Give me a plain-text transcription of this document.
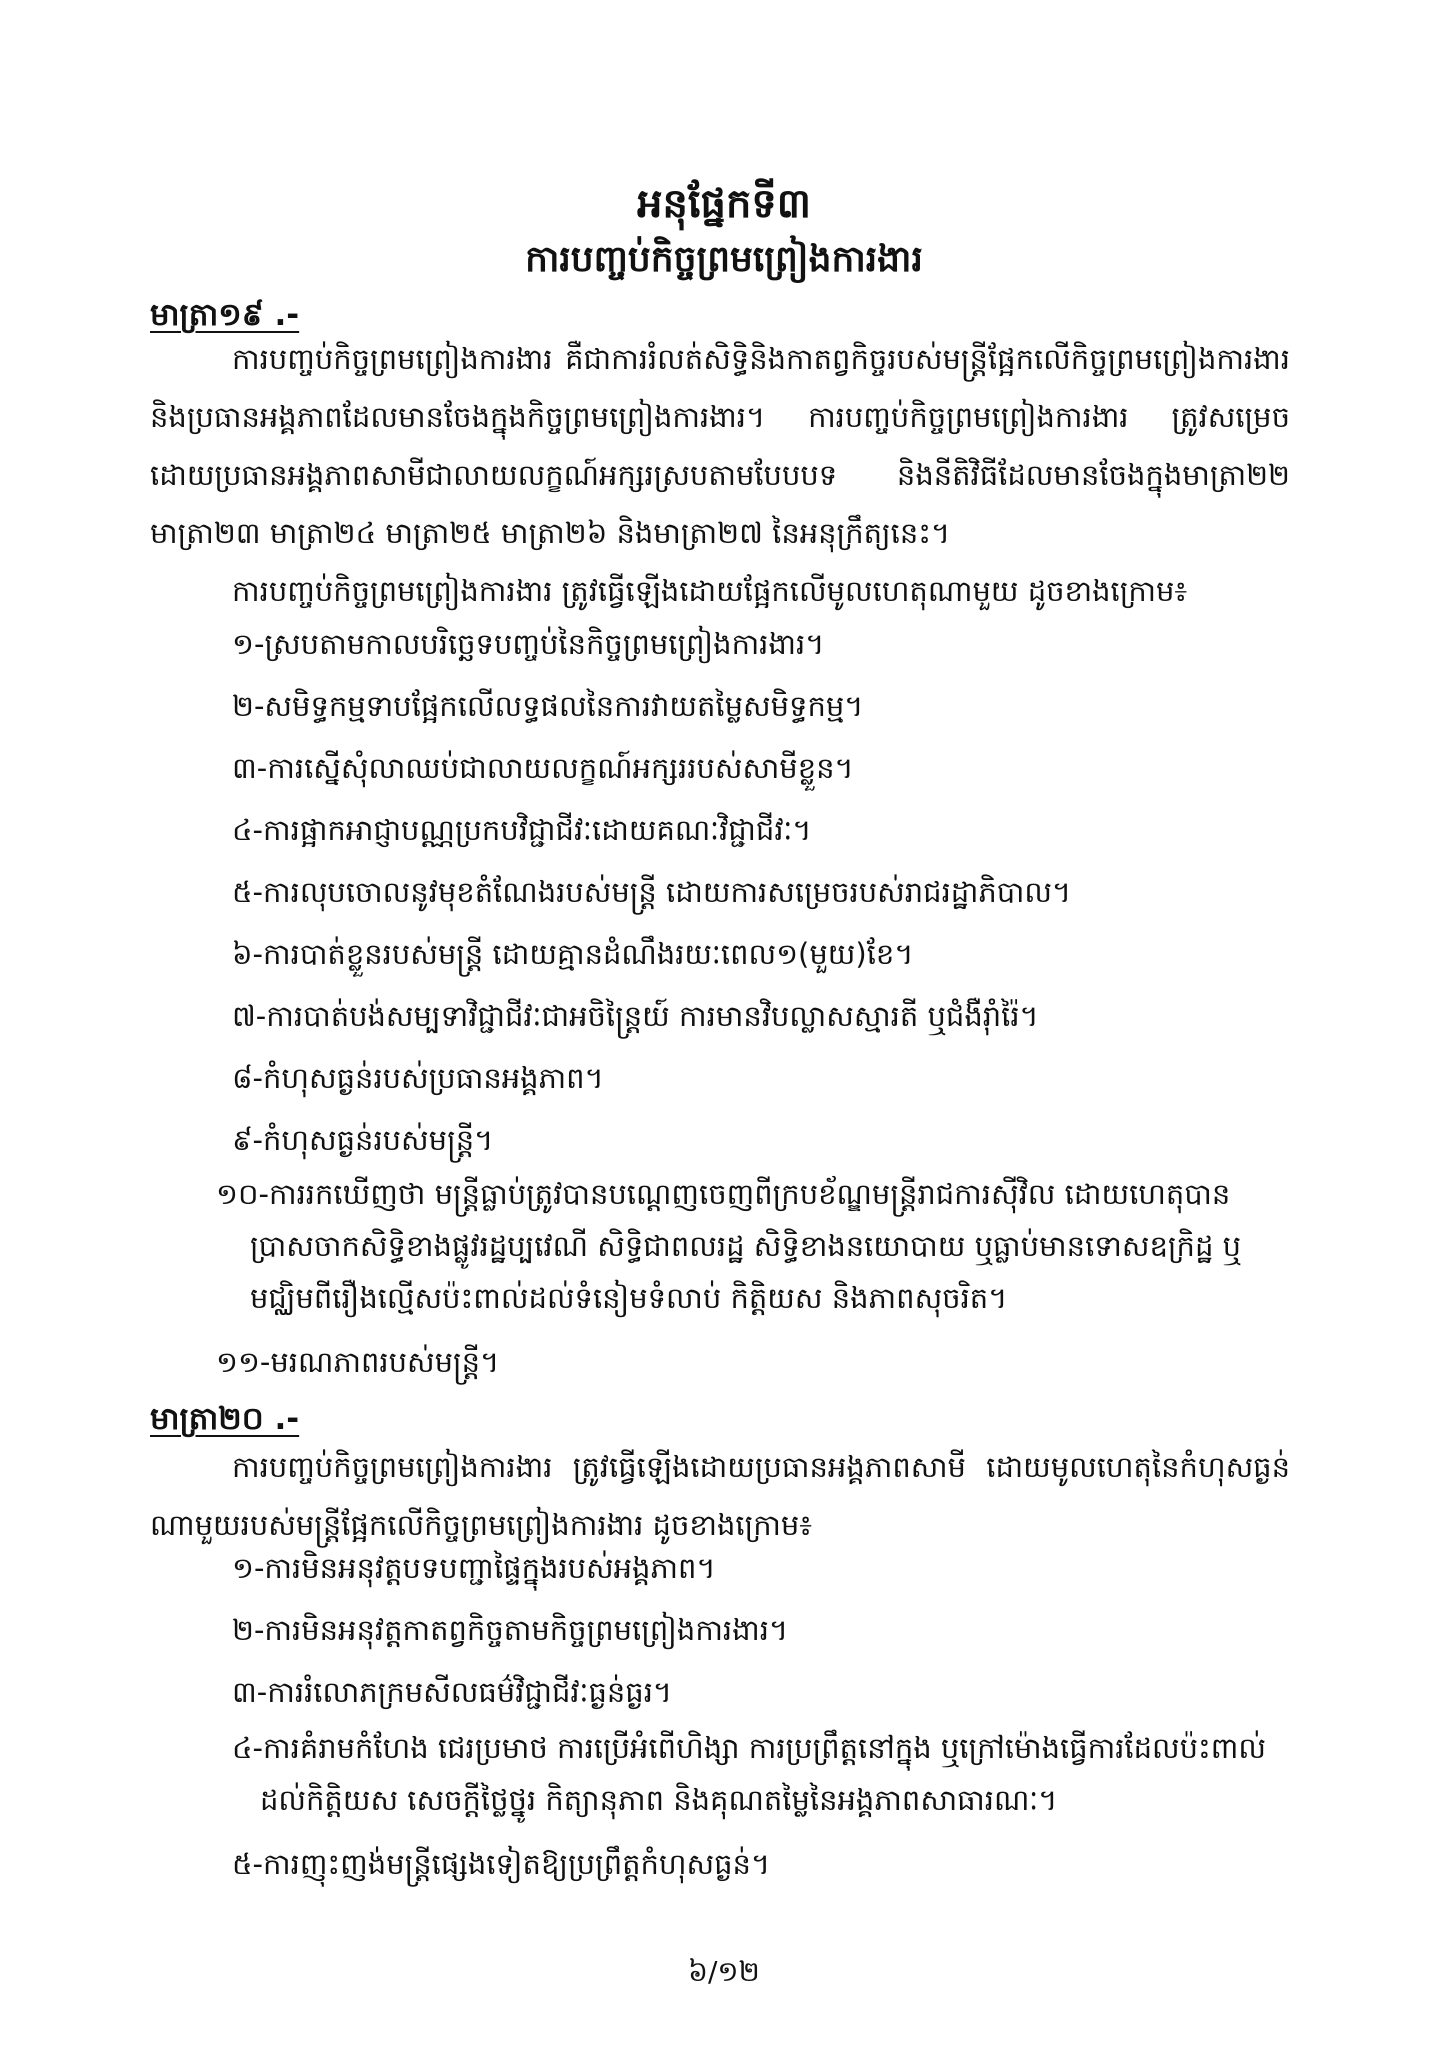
អនុផ្នែកទី៣
ការបញ្ចប់កិច្ចព្រមព្រៀងការងារ
មាត្រា១៩ .-
ការបញ្ចប់កិច្ចព្រមព្រៀងការងារ គឺជាការរំលត់សិទ្ធិនិងកាតព្វកិច្ចរបស់មន្ត្រីផ្អែកលើកិច្ចព្រមព្រៀងការងារ និងប្រធានអង្គភាពដែលមានចែងក្នុងកិច្ចព្រមព្រៀងការងារ។ ការបញ្ចប់កិច្ចព្រមព្រៀងការងារ ត្រូវសម្រេច ដោយប្រធានអង្គភាពសាមីជាលាយលក្ខណ៍អក្សរស្របតាមបែបបទ និងនីតិវិធីដែលមានចែងក្នុងមាត្រា២២ មាត្រា២៣ មាត្រា២៤ មាត្រា២៥ មាត្រា២៦ និងមាត្រា២៧ នៃអនុក្រឹត្យនេះ។
ការបញ្ចប់កិច្ចព្រមព្រៀងការងារ ត្រូវធ្វើឡើងដោយផ្អែកលើមូលហេតុណាមួយ ដូចខាងក្រោម៖
១-ស្របតាមកាលបរិច្ឆេទបញ្ចប់នៃកិច្ចព្រមព្រៀងការងារ។
២-សមិទ្ធកម្មទាបផ្អែកលើលទ្ធផលនៃការវាយតម្លៃសមិទ្ធកម្ម។
៣-ការស្នើសុំលាឈប់ជាលាយលក្ខណ៍អក្សររបស់សាមីខ្លួន។
៤-ការផ្អាកអាជ្ញាបណ្ណប្រកបវិជ្ជាជីវៈដោយគណៈវិជ្ជាជីវៈ។
៥-ការលុបចោលនូវមុខតំណែងរបស់មន្ត្រី ដោយការសម្រេចរបស់រាជរដ្ឋាភិបាល។
៦-ការបាត់ខ្លួនរបស់មន្ត្រី ដោយគ្មានដំណឹងរយៈពេល១(មួយ)ខែ។
៧-ការបាត់បង់សម្បទាវិជ្ជាជីវៈជាអចិន្ត្រៃយ៍ ការមានវិបល្លាសស្មារតី ឬជំងឺរ៉ាំរ៉ៃ។
៨-កំហុសធ្ងន់របស់ប្រធានអង្គភាព។
៩-កំហុសធ្ងន់របស់មន្ត្រី។
១០-ការរកឃើញថា មន្ត្រីធ្លាប់ត្រូវបានបណ្តេញចេញពីក្របខ័ណ្ឌមន្ត្រីរាជការស៊ីវិល ដោយហេតុបាន
ប្រាសចាកសិទ្ធិខាងផ្លូវរដ្ឋប្បវេណី សិទ្ធិជាពលរដ្ឋ សិទ្ធិខាងនយោបាយ ឬធ្លាប់មានទោសឧក្រិដ្ឋ ឬមជ្ឈិមពីរឿងល្មើសប៉ះពាល់ដល់ទំនៀមទំលាប់ កិត្តិយស និងភាពសុចរិត។
១១-មរណភាពរបស់មន្ត្រី។
មាត្រា២០ .-
ការបញ្ចប់កិច្ចព្រមព្រៀងការងារ ត្រូវធ្វើឡើងដោយប្រធានអង្គភាពសាមី ដោយមូលហេតុនៃកំហុសធ្ងន់ណាមួយរបស់មន្ត្រីផ្អែកលើកិច្ចព្រមព្រៀងការងារ ដូចខាងក្រោម៖
១-ការមិនអនុវត្តបទបញ្ជាផ្ទៃក្នុងរបស់អង្គភាព។
២-ការមិនអនុវត្តកាតព្វកិច្ចតាមកិច្ចព្រមព្រៀងការងារ។
៣-ការរំលោភក្រមសីលធម៌វិជ្ជាជីវៈធ្ងន់ធ្ងរ។
៤-ការគំរាមកំហែង ជេរប្រមាថ ការប្រើអំពើហិង្សា ការប្រព្រឹត្តនៅក្នុង ឬក្រៅម៉ោងធ្វើការដែលប៉ះពាល់
ដល់កិត្តិយស សេចក្តីថ្លៃថ្នូរ កិត្យានុភាព និងគុណតម្លៃនៃអង្គភាពសាធារណៈ។
៥-ការញុះញង់មន្ត្រីផ្សេងទៀតឱ្យប្រព្រឹត្តកំហុសធ្ងន់។
៦/១២
